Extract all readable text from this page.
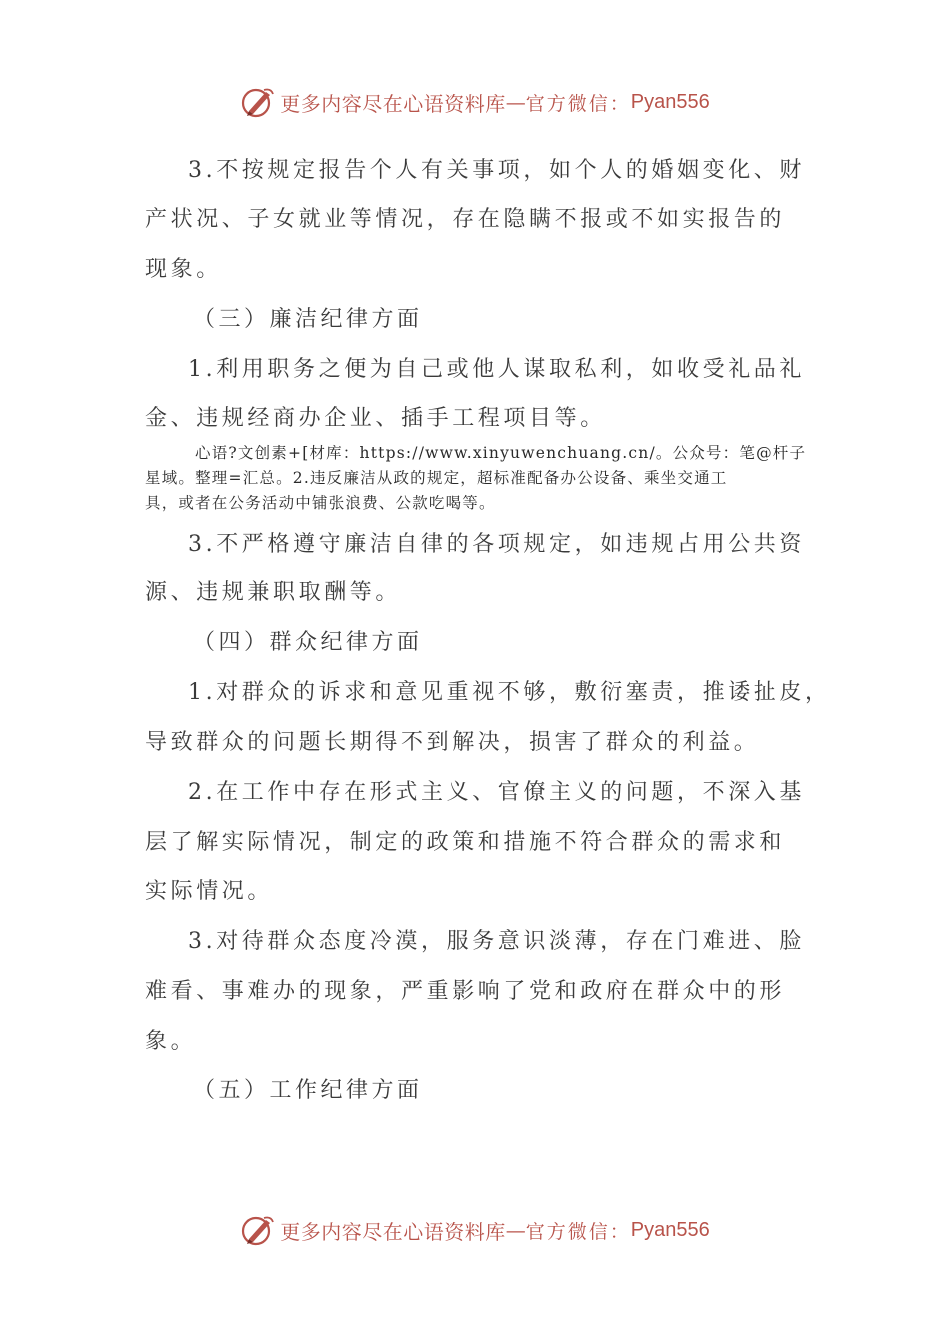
更多内容尽在心语资料库 — 官方微信： Pyan556
3.不按规定报告个人有关事项，如个人的婚姻变化、财
产状况、子女就业等情况，存在隐瞒不报或不如实报告的
现象。
（三）廉洁纪律方面
1.利用职务之便为自己或他人谋取私利，如收受礼品礼
金、违规经商办企业、插手工程项目等。
心语?文创素+[材库：https://www.xinyuwenchuang.cn/。公众号：笔@杆子
星域。整理=汇总。2.违反廉洁从政的规定，超标准配备办公设备、乘坐交通工
具，或者在公务活动中铺张浪费、公款吃喝等。
3.不严格遵守廉洁自律的各项规定，如违规占用公共资
源、违规兼职取酬等。
（四）群众纪律方面
1.对群众的诉求和意见重视不够，敷衍塞责，推诿扯皮，
导致群众的问题长期得不到解决，损害了群众的利益。
2.在工作中存在形式主义、官僚主义的问题，不深入基
层了解实际情况，制定的政策和措施不符合群众的需求和
实际情况。
3.对待群众态度冷漠，服务意识淡薄，存在门难进、脸
难看、事难办的现象，严重影响了党和政府在群众中的形
象。
（五）工作纪律方面
更多内容尽在心语资料库 — 官方微信： Pyan556
